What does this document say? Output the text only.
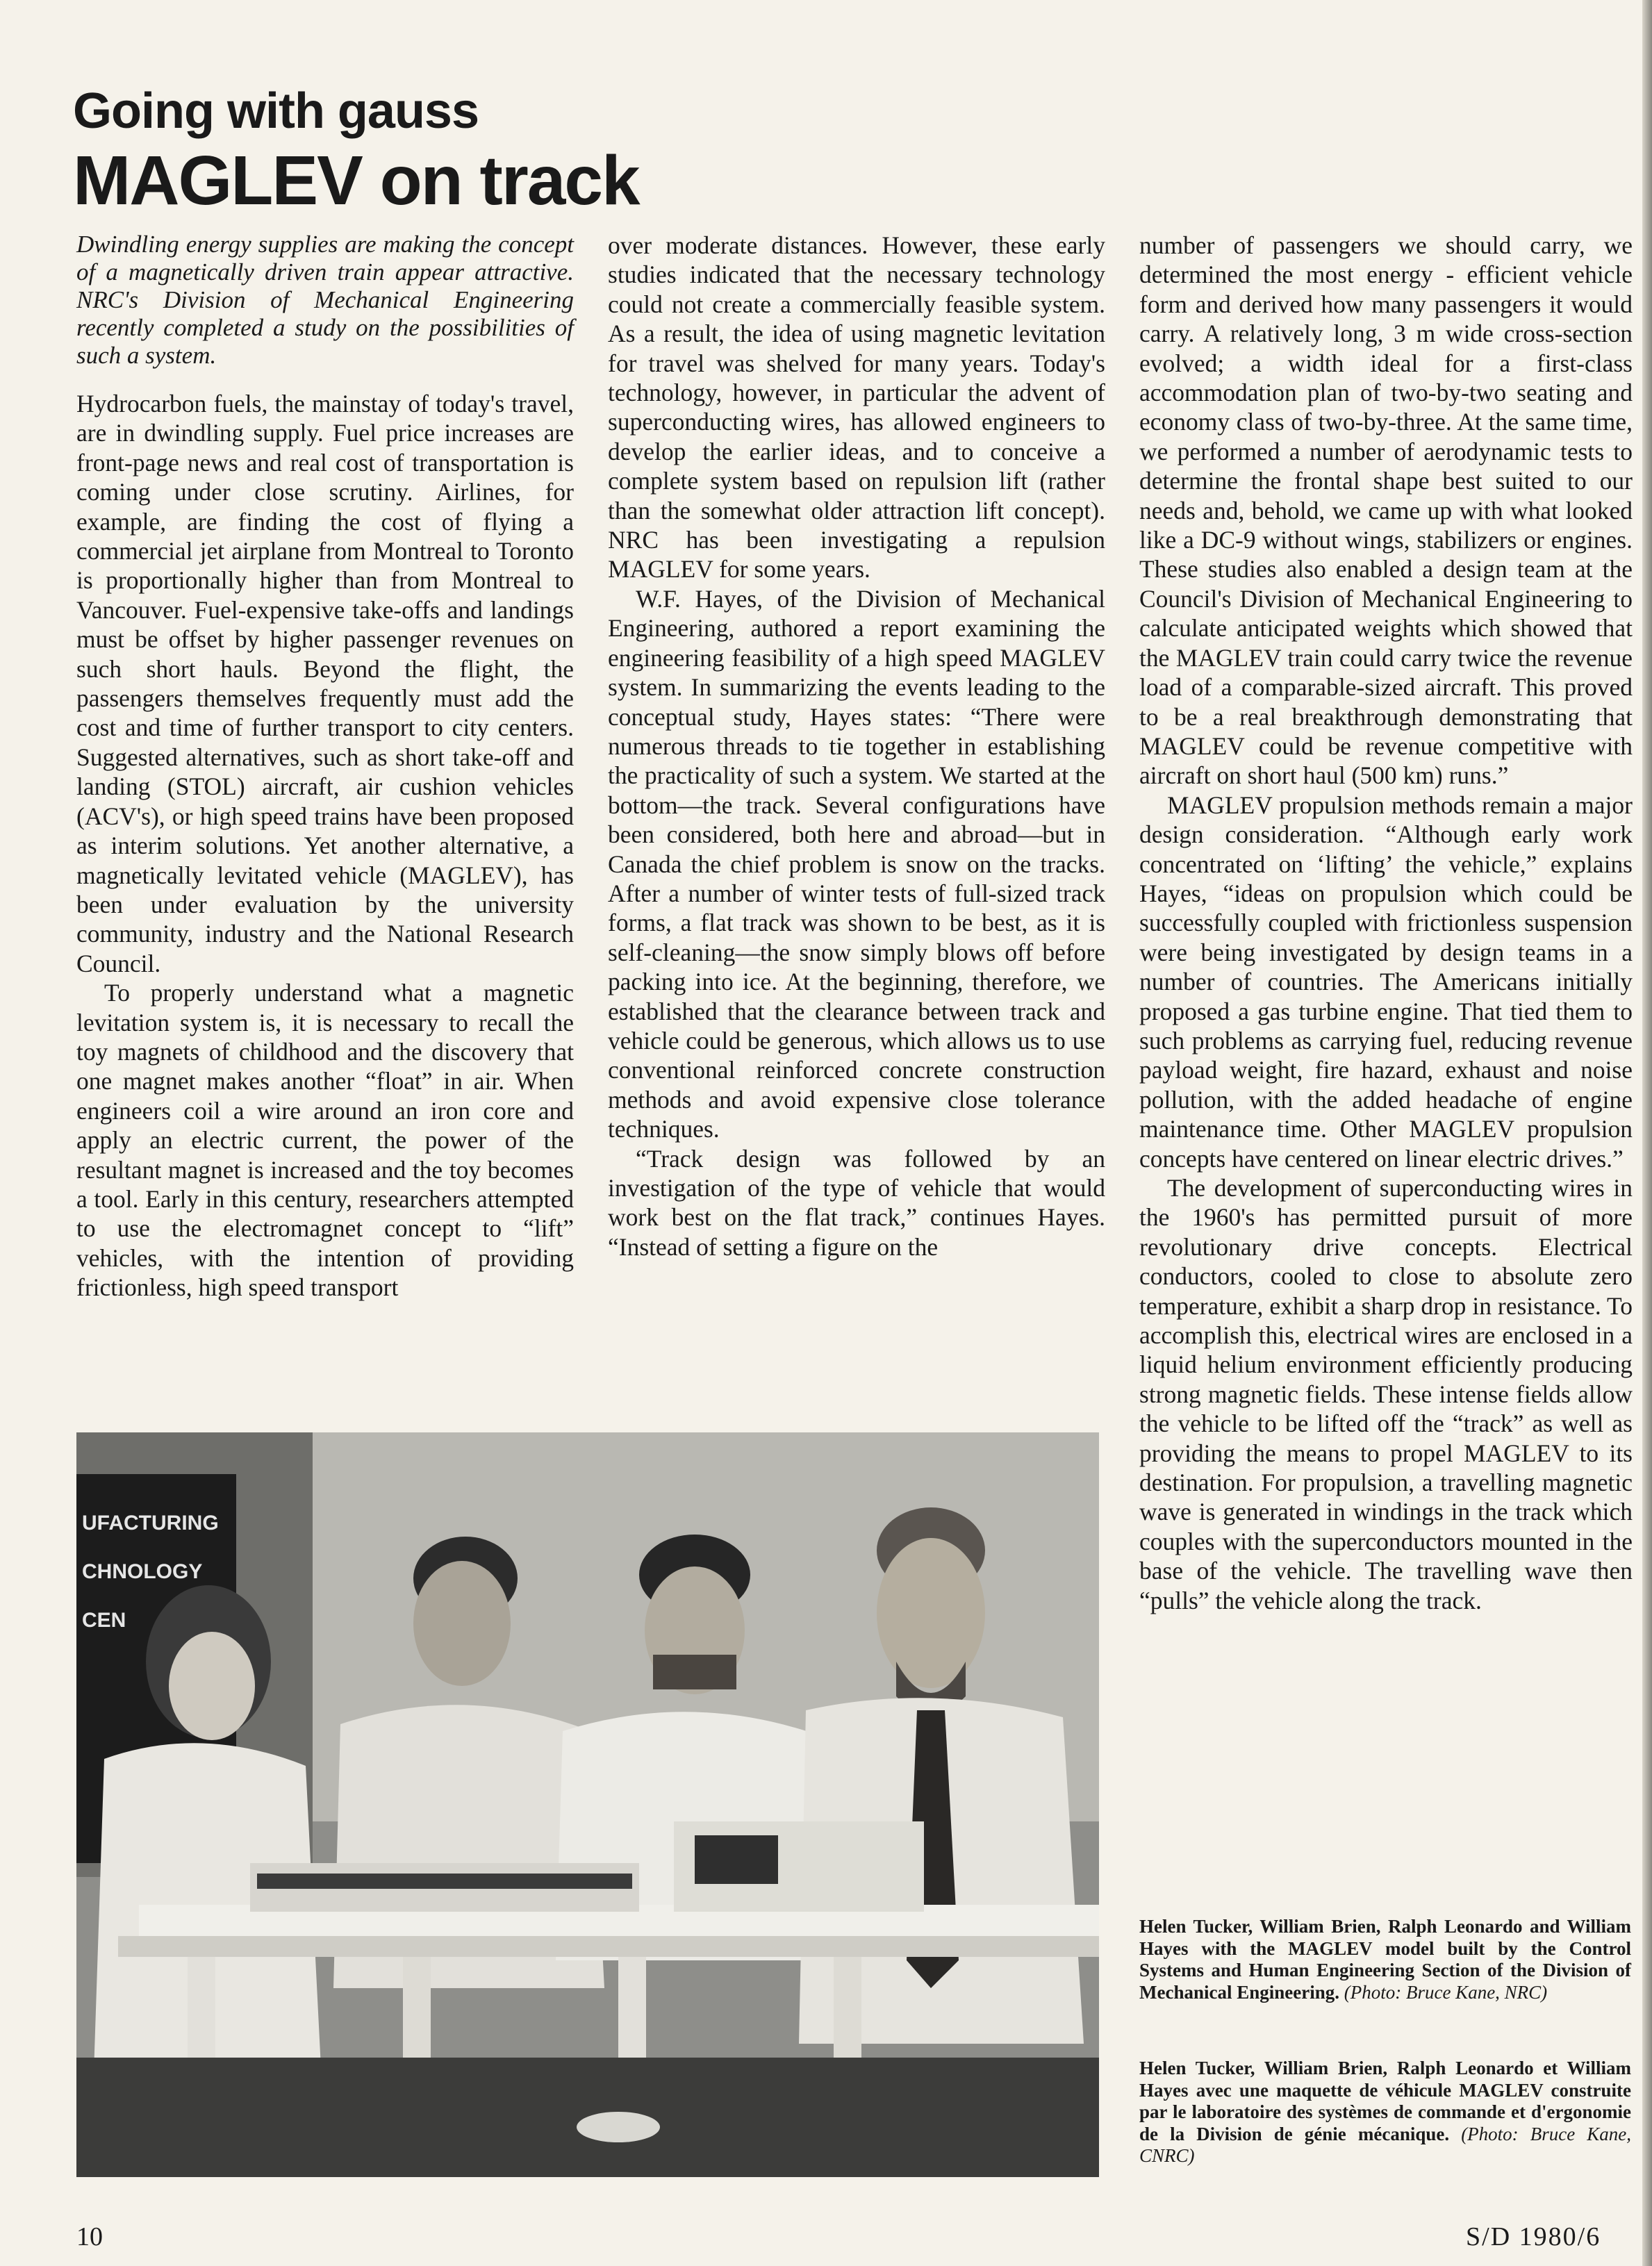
Going with gauss
MAGLEV on track

Dwindling energy supplies are making the concept of a magnetically driven train appear attractive. NRC's Division of Mechanical Engineering recently completed a study on the possibilities of such a system.

Hydrocarbon fuels, the mainstay of today's travel, are in dwindling supply. Fuel price increases are front-page news and real cost of transportation is coming under close scrutiny. Airlines, for example, are finding the cost of flying a commercial jet airplane from Montreal to Toronto is proportionally higher than from Montreal to Vancouver. Fuel-expensive take-offs and landings must be offset by higher passenger revenues on such short hauls. Beyond the flight, the passengers themselves frequently must add the cost and time of further transport to city centers. Suggested alternatives, such as short take-off and landing (STOL) aircraft, air cushion vehicles (ACV's), or high speed trains have been proposed as interim solutions. Yet another alternative, a magnetically levitated vehicle (MAGLEV), has been under evaluation by the university community, industry and the National Research Council.

To properly understand what a magnetic levitation system is, it is necessary to recall the toy magnets of childhood and the discovery that one magnet makes another “float” in air. When engineers coil a wire around an iron core and apply an electric current, the power of the resultant magnet is increased and the toy becomes a tool. Early in this century, researchers attempted to use the electromagnet concept to “lift” vehicles, with the intention of providing frictionless, high speed transport

over moderate distances. However, these early studies indicated that the necessary technology could not create a commercially feasible system. As a result, the idea of using magnetic levitation for travel was shelved for many years. Today's technology, however, in particular the advent of superconducting wires, has allowed engineers to develop the earlier ideas, and to conceive a complete system based on repulsion lift (rather than the somewhat older attraction lift concept). NRC has been investigating a repulsion MAGLEV for some years.

W.F. Hayes, of the Division of Mechanical Engineering, authored a report examining the engineering feasibility of a high speed MAGLEV system. In summarizing the events leading to the conceptual study, Hayes states: “There were numerous threads to tie together in establishing the practicality of such a system. We started at the bottom—the track. Several configurations have been considered, both here and abroad—but in Canada the chief problem is snow on the tracks. After a number of winter tests of full-sized track forms, a flat track was shown to be best, as it is self-cleaning—the snow simply blows off before packing into ice. At the beginning, therefore, we established that the clearance between track and vehicle could be generous, which allows us to use conventional reinforced concrete construction methods and avoid expensive close tolerance techniques.

“Track design was followed by an investigation of the type of vehicle that would work best on the flat track,” continues Hayes. “Instead of setting a figure on the

number of passengers we should carry, we determined the most energy - efficient vehicle form and derived how many passengers it would carry. A relatively long, 3 m wide cross-section evolved; a width ideal for a first-class accommodation plan of two-by-two seating and economy class of two-by-three. At the same time, we performed a number of aerodynamic tests to determine the frontal shape best suited to our needs and, behold, we came up with what looked like a DC-9 without wings, stabilizers or engines. These studies also enabled a design team at the Council's Division of Mechanical Engineering to calculate anticipated weights which showed that the MAGLEV train could carry twice the revenue load of a comparable-sized aircraft. This proved to be a real breakthrough demonstrating that MAGLEV could be revenue competitive with aircraft on short haul (500 km) runs.”

MAGLEV propulsion methods remain a major design consideration. “Although early work concentrated on ‘lifting’ the vehicle,” explains Hayes, “ideas on propulsion which could be successfully coupled with frictionless suspension were being investigated by design teams in a number of countries. The Americans initially proposed a gas turbine engine. That tied them to such problems as carrying fuel, reducing revenue payload weight, fire hazard, exhaust and noise pollution, with the added headache of engine maintenance time. Other MAGLEV propulsion concepts have centered on linear electric drives.”

The development of superconducting wires in the 1960's has permitted pursuit of more revolutionary drive concepts. Electrical conductors, cooled to close to absolute zero temperature, exhibit a sharp drop in resistance. To accomplish this, electrical wires are enclosed in a liquid helium environment efficiently producing strong magnetic fields. These intense fields allow the vehicle to be lifted off the “track” as well as providing the means to propel MAGLEV to its destination. For propulsion, a travelling magnetic wave is generated in windings in the track which couples with the superconductors mounted in the base of the vehicle. The travelling wave then “pulls” the vehicle along the track.

UFACTURING
CHNOLOGY
CEN
Helen Tucker, William Brien, Ralph Leonardo and William Hayes with the MAGLEV model built by the Control Systems and Human Engineering Section of the Division of Mechanical Engineering. (Photo: Bruce Kane, NRC)
Helen Tucker, William Brien, Ralph Leonardo et William Hayes avec une maquette de véhicule MAGLEV construite par le laboratoire des systèmes de commande et d'ergonomie de la Division de génie mécanique. (Photo: Bruce Kane, CNRC)
10	S/D 1980/6
